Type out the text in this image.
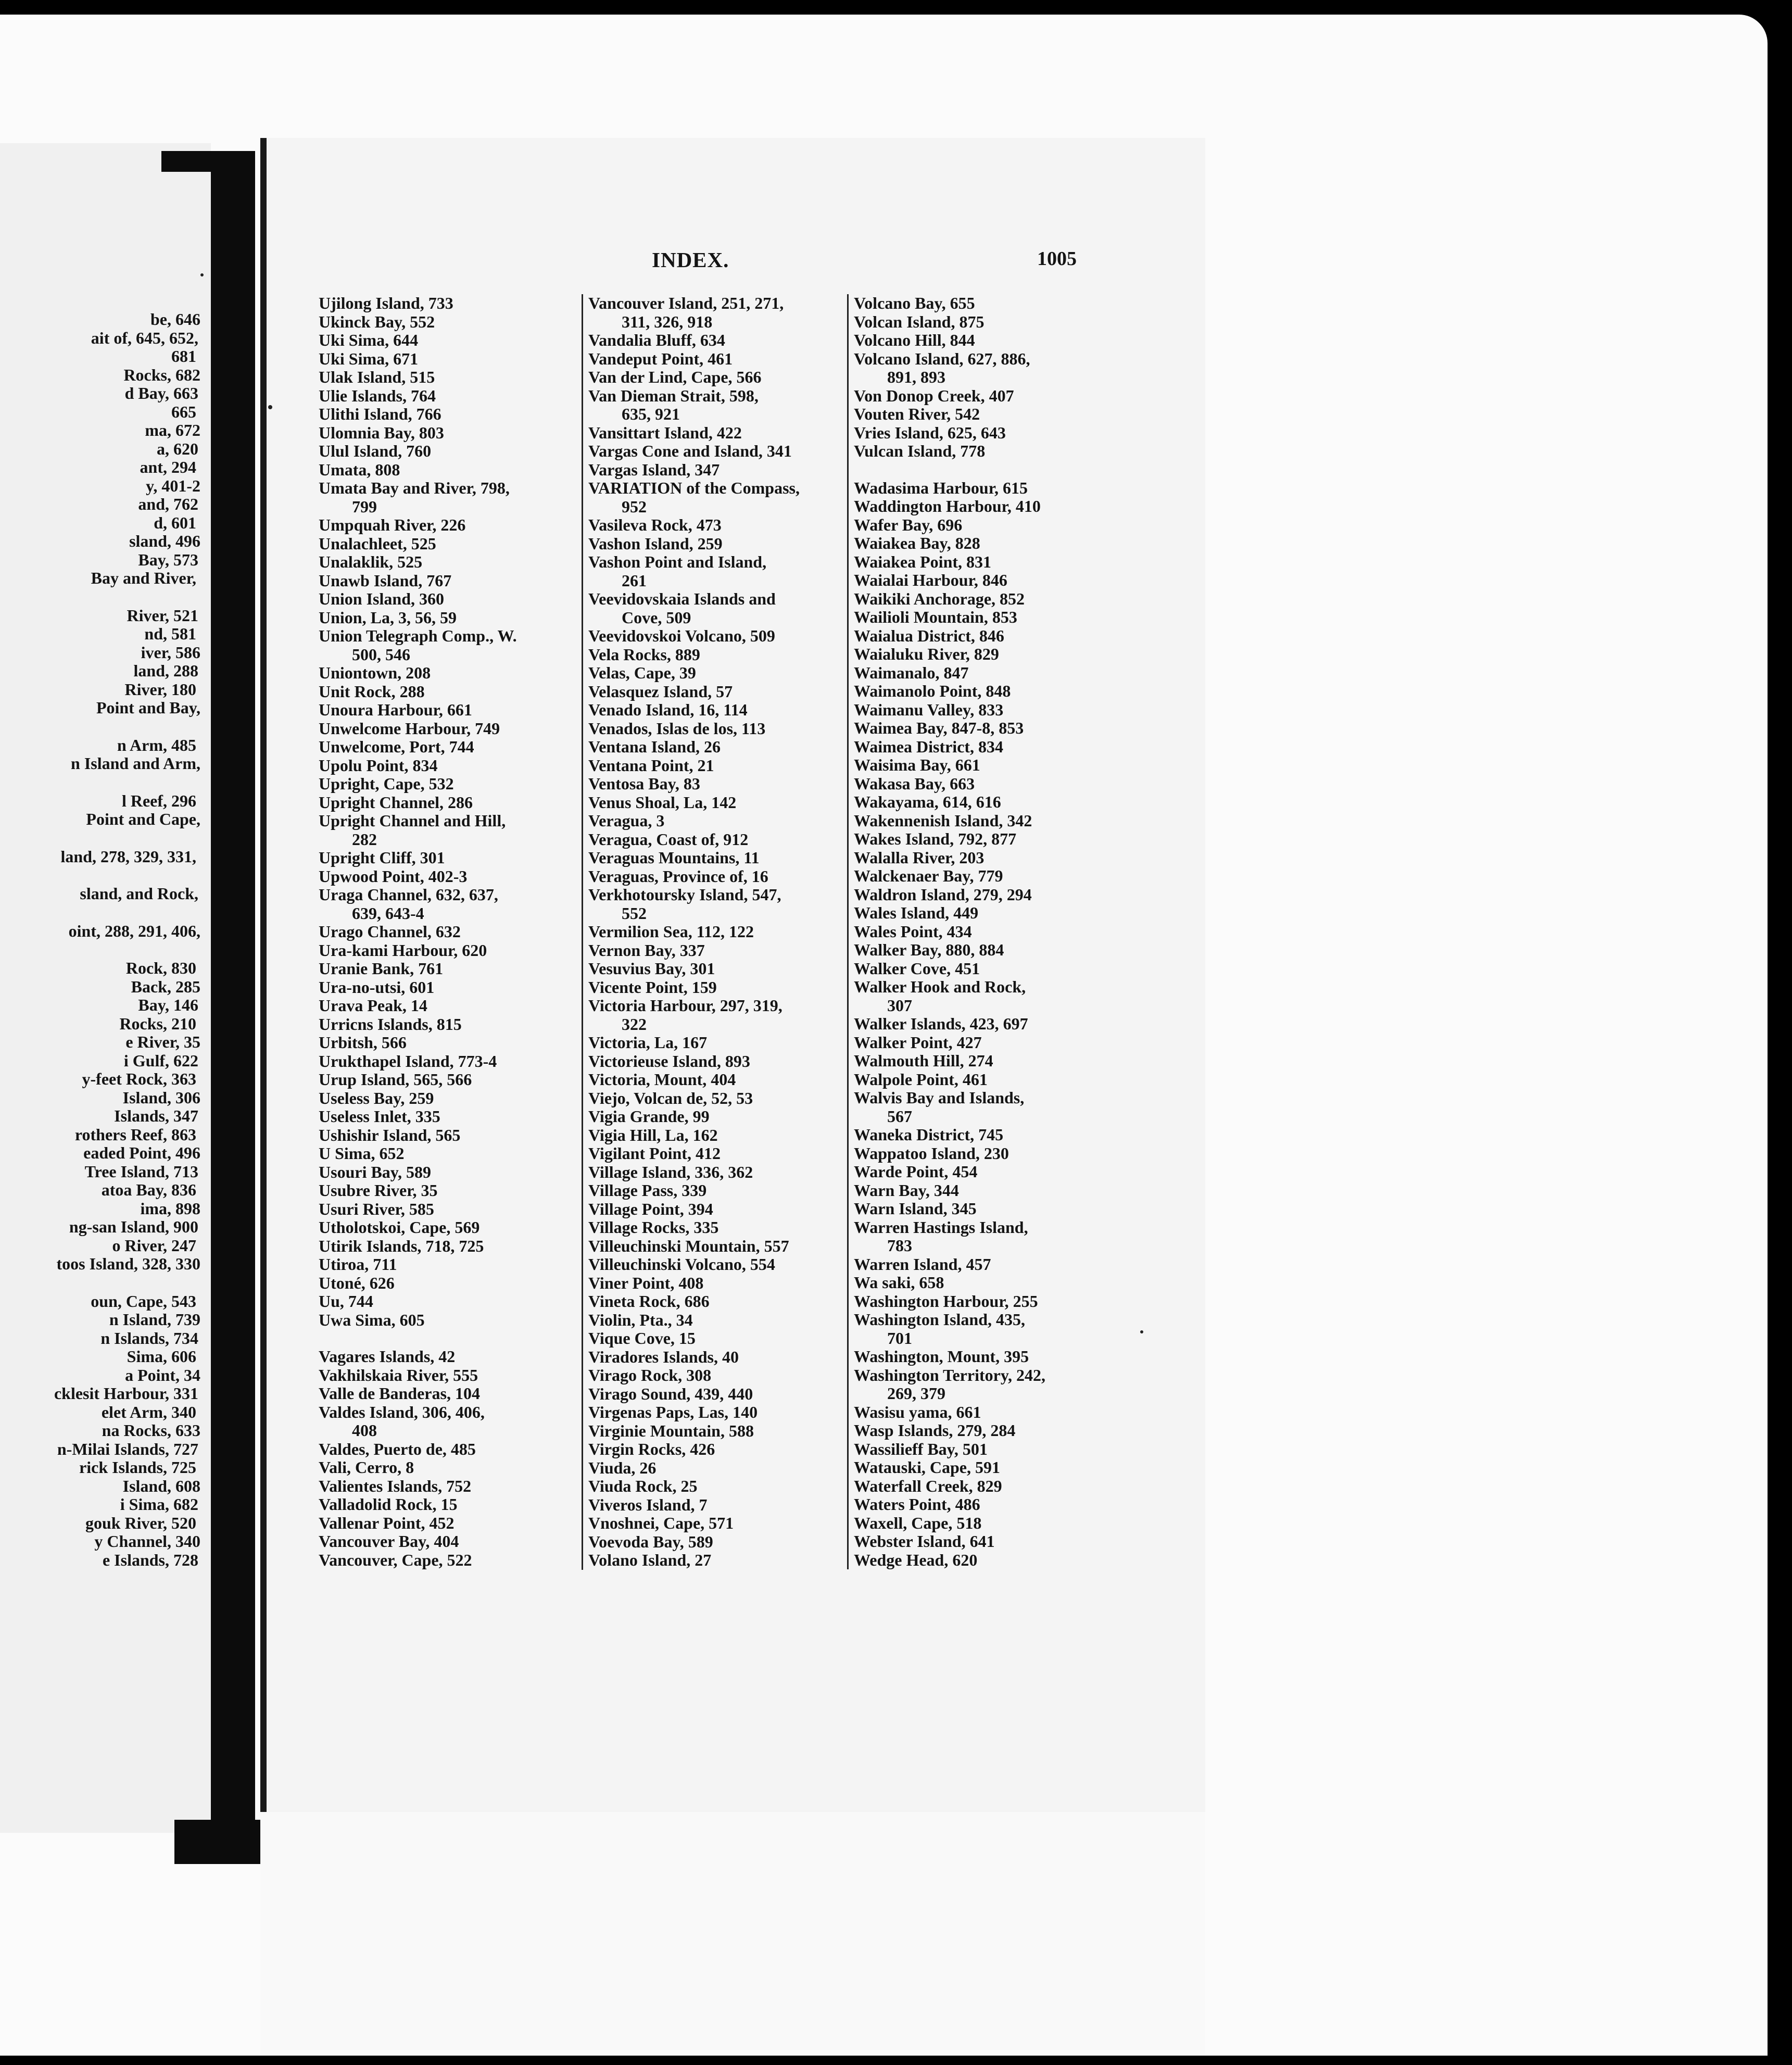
be, 646
ait of, 645, 652,
681
Rocks, 682
d Bay, 663
665
ma, 672
a, 620
ant, 294
y, 401-2
and, 762
d, 601
sland, 496
Bay, 573
Bay and River,
River, 521
nd, 581
iver, 586
land, 288
River, 180
Point and Bay,
n Arm, 485
n Island and Arm,
l Reef, 296
Point and Cape,
land, 278, 329, 331,
sland, and Rock,
oint, 288, 291, 406,
Rock, 830
Back, 285
Bay, 146
Rocks, 210
e River, 35
i Gulf, 622
y-feet Rock, 363
Island, 306
Islands, 347
rothers Reef, 863
eaded Point, 496
Tree Island, 713
atoa Bay, 836
ima, 898
ng-san Island, 900
o River, 247
toos Island, 328, 330
oun, Cape, 543
n Island, 739
n Islands, 734
Sima, 606
a Point, 34
cklesit Harbour, 331
elet Arm, 340
na Rocks, 633
n-Milai Islands, 727
rick Islands, 725
Island, 608
i Sima, 682
gouk River, 520
y Channel, 340
e Islands, 728
INDEX.	1005
Ujilong Island, 733
Ukinck Bay, 552
Uki Sima, 644
Uki Sima, 671
Ulak Island, 515
Ulie Islands, 764
Ulithi Island, 766
Ulomnia Bay, 803
Ulul Island, 760
Umata, 808
Umata Bay and River, 798,
  799
Umpquah River, 226
Unalachleet, 525
Unalaklik, 525
Unawb Island, 767
Union Island, 360
Union, La, 3, 56, 59
Union Telegraph Comp., W.
  500, 546
Uniontown, 208
Unit Rock, 288
Unoura Harbour, 661
Unwelcome Harbour, 749
Unwelcome, Port, 744
Upolu Point, 834
Upright, Cape, 532
Upright Channel, 286
Upright Channel and Hill,
  282
Upright Cliff, 301
Upwood Point, 402-3
Uraga Channel, 632, 637,
  639, 643-4
Urago Channel, 632
Ura-kami Harbour, 620
Uranie Bank, 761
Ura-no-utsi, 601
Urava Peak, 14
Urricns Islands, 815
Urbitsh, 566
Urukthapel Island, 773-4
Urup Island, 565, 566
Useless Bay, 259
Useless Inlet, 335
Ushishir Island, 565
U Sima, 652
Usouri Bay, 589
Usubre River, 35
Usuri River, 585
Utholotskoi, Cape, 569
Utirik Islands, 718, 725
Utiroa, 711
Utoné, 626
Uu, 744
Uwa Sima, 605
Vagares Islands, 42
Vakhilskaia River, 555
Valle de Banderas, 104
Valdes Island, 306, 406,
  408
Valdes, Puerto de, 485
Vali, Cerro, 8
Valientes Islands, 752
Valladolid Rock, 15
Vallenar Point, 452
Vancouver Bay, 404
Vancouver, Cape, 522
Vancouver Island, 251, 271,
  311, 326, 918
Vandalia Bluff, 634
Vandeput Point, 461
Van der Lind, Cape, 566
Van Dieman Strait, 598,
  635, 921
Vansittart Island, 422
Vargas Cone and Island, 341
Vargas Island, 347
VARIATION of the Compass,
  952
Vasileva Rock, 473
Vashon Island, 259
Vashon Point and Island,
  261
Veevidovskaia Islands and
  Cove, 509
Veevidovskoi Volcano, 509
Vela Rocks, 889
Velas, Cape, 39
Velasquez Island, 57
Venado Island, 16, 114
Venados, Islas de los, 113
Ventana Island, 26
Ventana Point, 21
Ventosa Bay, 83
Venus Shoal, La, 142
Veragua, 3
Veragua, Coast of, 912
Veraguas Mountains, 11
Veraguas, Province of, 16
Verkhotoursky Island, 547,
  552
Vermilion Sea, 112, 122
Vernon Bay, 337
Vesuvius Bay, 301
Vicente Point, 159
Victoria Harbour, 297, 319,
  322
Victoria, La, 167
Victorieuse Island, 893
Victoria, Mount, 404
Viejo, Volcan de, 52, 53
Vigia Grande, 99
Vigia Hill, La, 162
Vigilant Point, 412
Village Island, 336, 362
Village Pass, 339
Village Point, 394
Village Rocks, 335
Villeuchinski Mountain, 557
Villeuchinski Volcano, 554
Viner Point, 408
Vineta Rock, 686
Violin, Pta., 34
Vique Cove, 15
Viradores Islands, 40
Virago Rock, 308
Virago Sound, 439, 440
Virgenas Paps, Las, 140
Virginie Mountain, 588
Virgin Rocks, 426
Viuda, 26
Viuda Rock, 25
Viveros Island, 7
Vnoshnei, Cape, 571
Voevoda Bay, 589
Volano Island, 27
Volcano Bay, 655
Volcan Island, 875
Volcano Hill, 844
Volcano Island, 627, 886,
  891, 893
Von Donop Creek, 407
Vouten River, 542
Vries Island, 625, 643
Vulcan Island, 778
Wadasima Harbour, 615
Waddington Harbour, 410
Wafer Bay, 696
Waiakea Bay, 828
Waiakea Point, 831
Waialai Harbour, 846
Waikiki Anchorage, 852
Wailioli Mountain, 853
Waialua District, 846
Waialuku River, 829
Waimanalo, 847
Waimanolo Point, 848
Waimanu Valley, 833
Waimea Bay, 847-8, 853
Waimea District, 834
Waisima Bay, 661
Wakasa Bay, 663
Wakayama, 614, 616
Wakennenish Island, 342
Wakes Island, 792, 877
Walalla River, 203
Walckenaer Bay, 779
Waldron Island, 279, 294
Wales Island, 449
Wales Point, 434
Walker Bay, 880, 884
Walker Cove, 451
Walker Hook and Rock,
  307
Walker Islands, 423, 697
Walker Point, 427
Walmouth Hill, 274
Walpole Point, 461
Walvis Bay and Islands,
  567
Waneka District, 745
Wappatoo Island, 230
Warde Point, 454
Warn Bay, 344
Warn Island, 345
Warren Hastings Island,
  783
Warren Island, 457
Wa saki, 658
Washington Harbour, 255
Washington Island, 435,
  701
Washington, Mount, 395
Washington Territory, 242,
  269, 379
Wasisu yama, 661
Wasp Islands, 279, 284
Wassilieff Bay, 501
Watauski, Cape, 591
Waterfall Creek, 829
Waters Point, 486
Waxell, Cape, 518
Webster Island, 641
Wedge Head, 620
